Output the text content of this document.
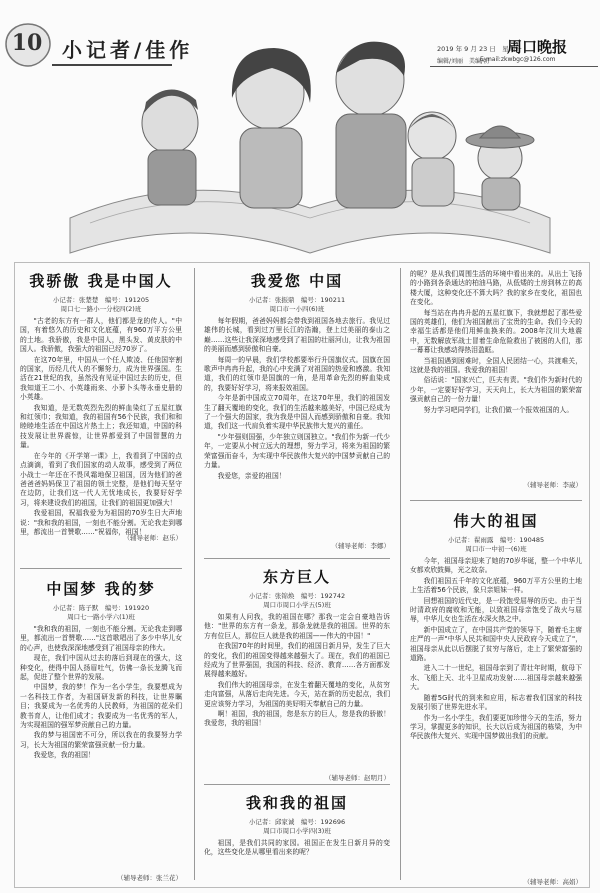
10 小记者/佳作	2019 年 9 月 23 日　星期一
周口晚报
编辑/刘丽　美编/朝
E-mail:zkwbgc@126.com
我骄傲 我是中国人
小记者：张楚楚　编号：191205
周口七一路小一分校四(2)班

"古老的东方有一群人，他们都是龙的传人。"中国，有着悠久的历史和文化底蕴，有960万平方公里的土地。我骄傲，我是中国人，黑头发、黄皮肤的中国人。我骄傲，我强大的祖国已经70岁了。

在这70年里，中国从一个任人欺凌、任他国宰割的国家，历经几代人的不懈努力，成为世界强国。生活在21世纪的我，虽然没有见证中国过去的历史，但我知道王二小、小英雄雨来、小萝卜头等永垂史册的小英雄。

我知道，是无数英烈先烈的鲜血染红了五星红旗和红领巾；我知道，我的祖国有56个民族，我们和和睦睦地生活在中国这片热土上；我还知道，中国的科技发展让世界震惊，让世界都爱到了中国智慧的力量。

在今年的《开学第一课》上，我看到了中国的点点滴滴，看到了我们国家的动人故事，感受到了两位小战士一年还在不畏风霜地保卫祖国，因为他们的爸爸爸爸妈妈保卫了祖国的领土完整，是他们每天坚守在边防，让我们这一代人无忧地成长，我要好好学习，将来建设我们的祖国，让我们的祖国更加强大！

我爱祖国，祝福我爱为为祖国的70岁生日大声地说："我和我的祖国，一刻也不能分割。无论我走到哪里，都流出一首赞歌……"祝福你，祖国！

（辅导老师：赵乐）
中国梦 我的梦
小记者：陈子默　编号：191920
周口七一路小学六(1)班

"我和我的祖国，一刻也不能分割。无论我走到哪里，都流出一首赞歌……"这首歌唱出了多少中华儿女的心声，也使我深深地感受到了祖国母亲的伟大。

现在，我们中国从过去的落后到现在的强大，这种变化，使得中国人扬眉吐气，仿佛一条长龙腾飞而起，促进了整个世界的发展。

中国梦，我的梦！作为一名小学生，我要想成为一名科技工作者，为祖国研发新的科技，让世界瞩目；我要成为一名优秀的人民教师，为祖国的花朵们教书育人，让他们成才；我要成为一名优秀的军人，为实现祖国的强军梦贡献自己的力量。

我的梦与祖国密不可分，所以我在的我要努力学习，长大为祖国的繁荣富强贡献一份力量。

我爱您，我的祖国！

（辅导老师：张兰花）
我爱您 中国
小记者：张振鼎　编号：190211
周口市一小四(6)班

每年假期，爸爸妈妈都会带我到祖国各地去旅行。我见过雄伟的长城，看到过万里长江的浩瀚，登上过美丽的泰山之巅……这些让我深深地感受到了祖国的壮丽河山，让我为祖国的美丽而感到骄傲和自豪。

每周一的早晨，我们学校都要举行升国旗仪式。国旗在国歌声中冉冉升起，我的心中充满了对祖国的热爱和感激。我知道，我们的红领巾是国旗的一角，是用革命先烈的鲜血染成的，我要好好学习，将来报效祖国。

今年是新中国成立70周年，在这70年里，我们的祖国发生了翻天覆地的变化，我们的生活越来越美好，中国已经成为了一个强大的国家，我为我是中国人而感到骄傲和自豪。我知道，我们这一代肩负着实现中华民族伟大复兴的重任。

"少年强则国强，少年独立则国独立。"我们作为新一代少年，一定要从小树立远大的理想，努力学习，将来为祖国的繁荣富强而奋斗，为实现中华民族伟大复兴的中国梦贡献自己的力量。

我爱您，亲爱的祖国！

（辅导老师：李娜）
东方巨人
小记者：张锦焕　编号：192742
周口市周口小学五(5)班

如果有人问我，我的祖国在哪？那我一定会自豪地告诉他："世界的东方有一条龙，那条龙就是我的祖国。世界的东方有位巨人，那位巨人就是我的祖国——伟大的中国！"

在我国70年的时间里，我们的祖国日新月异，发生了巨大的变化，我们的祖国变得越来越强大了。现在，我们的祖国已经成为了世界强国，我国的科技、经济、教育……各方面都发展得越来越好。

我们伟大的祖国母亲，在发生着翻天覆地的变化，从贫穷走向富强，从落后走向先进。今天，站在新的历史起点，我们更应该努力学习，为祖国的美好明天奉献自己的力量。

啊！祖国，我的祖国，您是东方的巨人，您是我的骄傲！我爱您，我的祖国！

（辅导老师：赵明月）
我和我的祖国
小记者：邱家诚　编号：192696
周口市周口小学四(3)班

祖国，是我们共同的家园。祖国正在发生日新月异的变化，这些变化是从哪里看出来的呢？

的呢？是从我们周围生活的环境中看出来的。从出土飞扬的小路到各条通达的柏油马路，从低矮的土房到林立的高楼大厦，这种变化还不算大吗？我的家乡在变化，祖国也在变化。

每当站在冉冉升起的五星红旗下，我就想起了那些爱国的英雄们，他们为祖国献出了宝贵的生命。我们今天的幸福生活都是他们用鲜血换来的。2008年汶川大地震中，无数解放军战士冒着生命危险救出了被困的人们，那一幕幕让我感动得热泪盈眶。

当祖国遇到困难时，全国人民团结一心，共渡难关，这就是我的祖国。我爱我的祖国！

俗话说："国家兴亡，匹夫有责。"我们作为新时代的少年，一定要好好学习，天天向上，长大为祖国的繁荣富强贡献自己的一份力量！

努力学习吧同学们，让我们做一个报效祖国的人。

（辅导老师：李崴）
伟大的祖国
小记者：翟雨露　编号：190485
周口市一中初一(6)班

今年，祖国母亲迎来了她的70岁华诞，整一个中华儿女都欢欣鼓舞，光之故奈。

我们祖国五千年的文化底蕴，960万平方公里的土地上生活着56个民族，象只亲姐妹一样。

回想祖国的近代史，是一段饱受屈辱的历史。由于当时清政府的腐败和无能，以致祖国母亲饱受了战火与屈辱，中华儿女也生活在水深火热之中。

新中国成立了，在中国共产党的领导下，随着毛主席庄严的一声"中华人民共和国中央人民政府今天成立了"，祖国母亲从此以后摆脱了贫穷与落后，走上了繁荣富强的道路。

进入二十一世纪，祖国母亲到了青壮年时期，航母下水、飞船上天、北斗卫星成功发射……祖国母亲越来越强大。

随着5G时代的到来和应用，标志着我们国家的科技发展引领了世界先进水平。

作为一名小学生，我们要更加珍惜今天的生活，努力学习，掌握更多的知识，长大以后成为祖国的栋梁，为中华民族伟大复兴、实现中国梦做出我们的贡献。

（辅导老师：高娟）
